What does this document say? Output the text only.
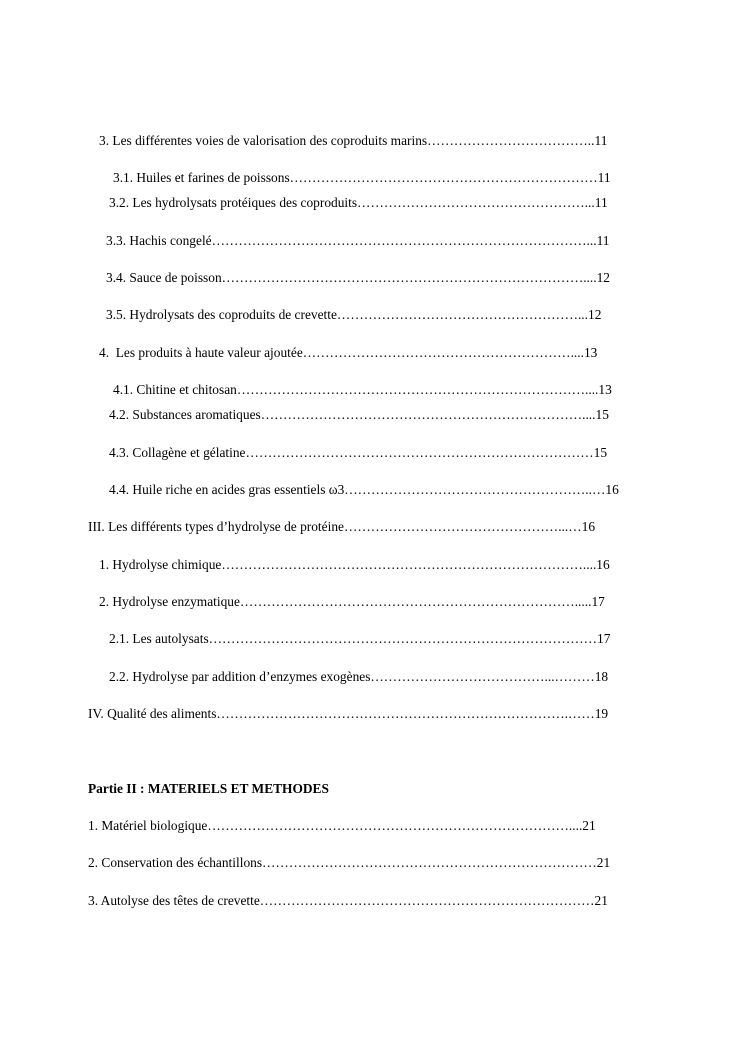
3. Les différentes voies de valorisation des coproduits marins………………………………..11
3.1. Huiles et farines de poissons……………………………………………………………11
3.2. Les hydrolysats protéiques des coproduits……………………………………………...11
3.3. Hachis congelé…………………………………………………………………………...11
3.4. Sauce de poisson………………………………………………………………………....12
3.5. Hydrolysats des coproduits de crevette………………………………………………...12
4.  Les produits à haute valeur ajoutée……………………………………………………....13
4.1. Chitine et chitosan……………………………………………………………………....13
4.2. Substances aromatiques………………………………………………………………....15
4.3. Collagène et gélatine……………………………………………………………………15
4.4. Huile riche en acides gras essentiels ω3………………………………………………..…16
III. Les différents types d’hydrolyse de protéine…………………………………………...…16
1. Hydrolyse chimique………………………………………………………………………....16
2. Hydrolyse enzymatique………………………………………………………………….....17
2.1. Les autolysats……………………………………………………………………………17
2.2. Hydrolyse par addition d’enzymes exogènes…………………………………...………18
IV. Qualité des aliments…………………………………………………………………….……19
Partie II : MATERIELS ET METHODES
1. Matériel biologique………………………………………………………………………....21
2. Conservation des échantillons…………………………………………………………………21
3. Autolyse des têtes de crevette…………………………………………………………………21
